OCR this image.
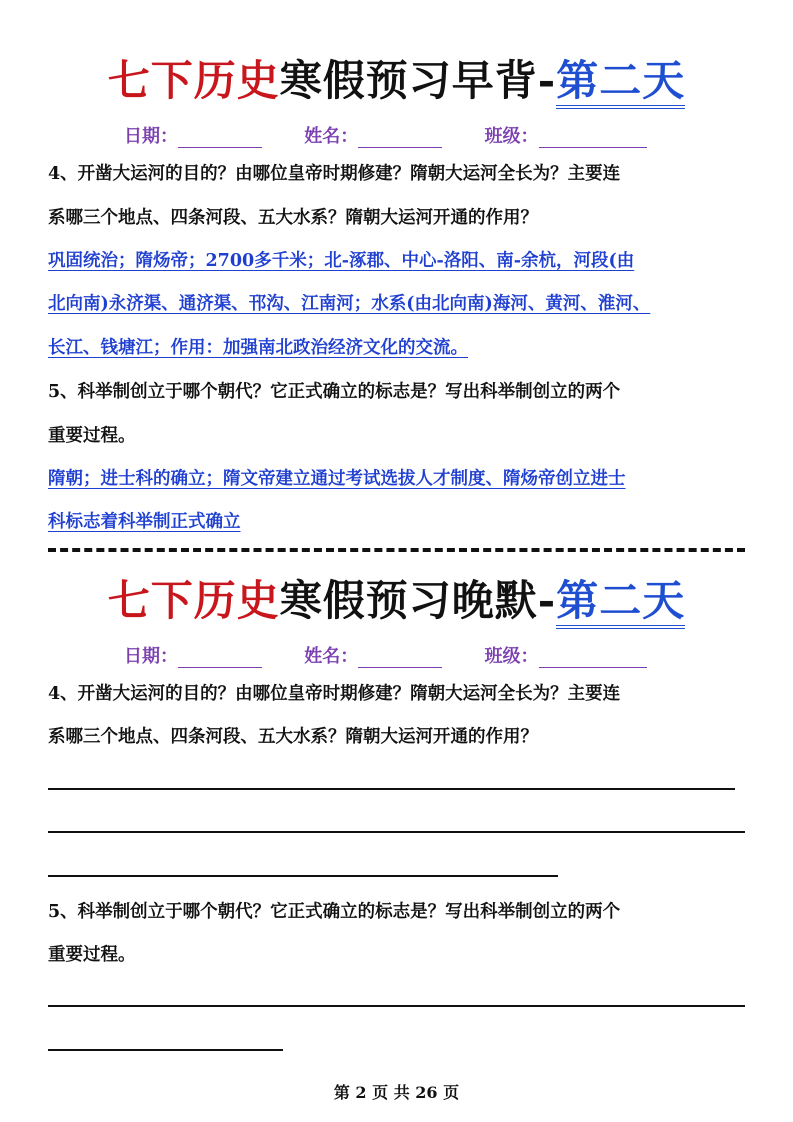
七下历史寒假预习早背-第二天
日期：	姓名：	班级：
4、开凿大运河的目的？由哪位皇帝时期修建？隋朝大运河全长为？主要连
系哪三个地点、四条河段、五大水系？隋朝大运河开通的作用？
巩固统治；隋炀帝；2700多千米；北-涿郡、中心-洛阳、南-余杭，河段(由
北向南)永济渠、通济渠、邗沟、江南河；水系(由北向南)海河、黄河、淮河、
长江、钱塘江；作用：加强南北政治经济文化的交流。
5、科举制创立于哪个朝代？它正式确立的标志是？写出科举制创立的两个
重要过程。
隋朝；进士科的确立；隋文帝建立通过考试选拔人才制度、隋炀帝创立进士
科标志着科举制正式确立
七下历史寒假预习晚默-第二天
日期：	姓名：	班级：
4、开凿大运河的目的？由哪位皇帝时期修建？隋朝大运河全长为？主要连
系哪三个地点、四条河段、五大水系？隋朝大运河开通的作用？
5、科举制创立于哪个朝代？它正式确立的标志是？写出科举制创立的两个
重要过程。
第 2 页 共 26 页
